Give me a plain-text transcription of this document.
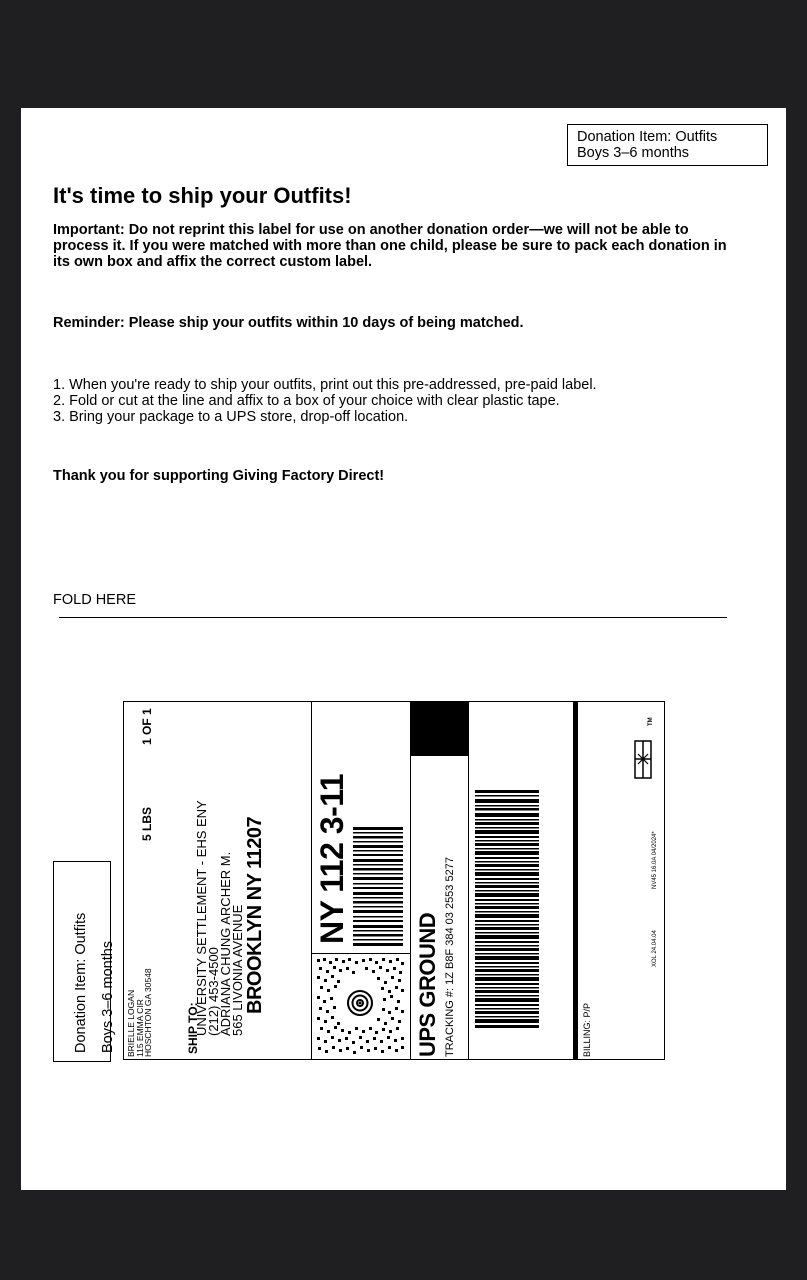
Donation Item: Outfits
Boys 3–6 months
It's time to ship your Outfits!

Important: Do not reprint this label for use on another donation order—we will not be able to process it. If you were matched with more than one child, please be sure to pack each donation in its own box and affix the correct custom label.

Reminder: Please ship your outfits within 10 days of being matched.

1. When you're ready to ship your outfits, print out this pre-addressed, pre-paid label.
2. Fold or cut at the line and affix to a box of your choice with clear plastic tape.
3. Bring your package to a UPS store, drop-off location.

Thank you for supporting Giving Factory Direct!

FOLD HERE
Donation Item: Outfits Boys 3–6 months	BRIELLE LOGAN
115 EMMA CIR
HOSCHTON GA 30548
5 LBS
1 OF 1
SHIP TO:
UNIVERSITY SETTLEMENT - EHS ENY
(212) 453-4500
ADRIANA CHUNG ARCHER M.
565 LIVONIA AVENUE BROOKLYN NY 11207 NY 112 3-11
UPS GROUND TRACKING #: 1Z B8F 384 03 2553 5277	BILLING: P/P
XOL 24.04.04
NV45 16.0A 04/2024*
TM
